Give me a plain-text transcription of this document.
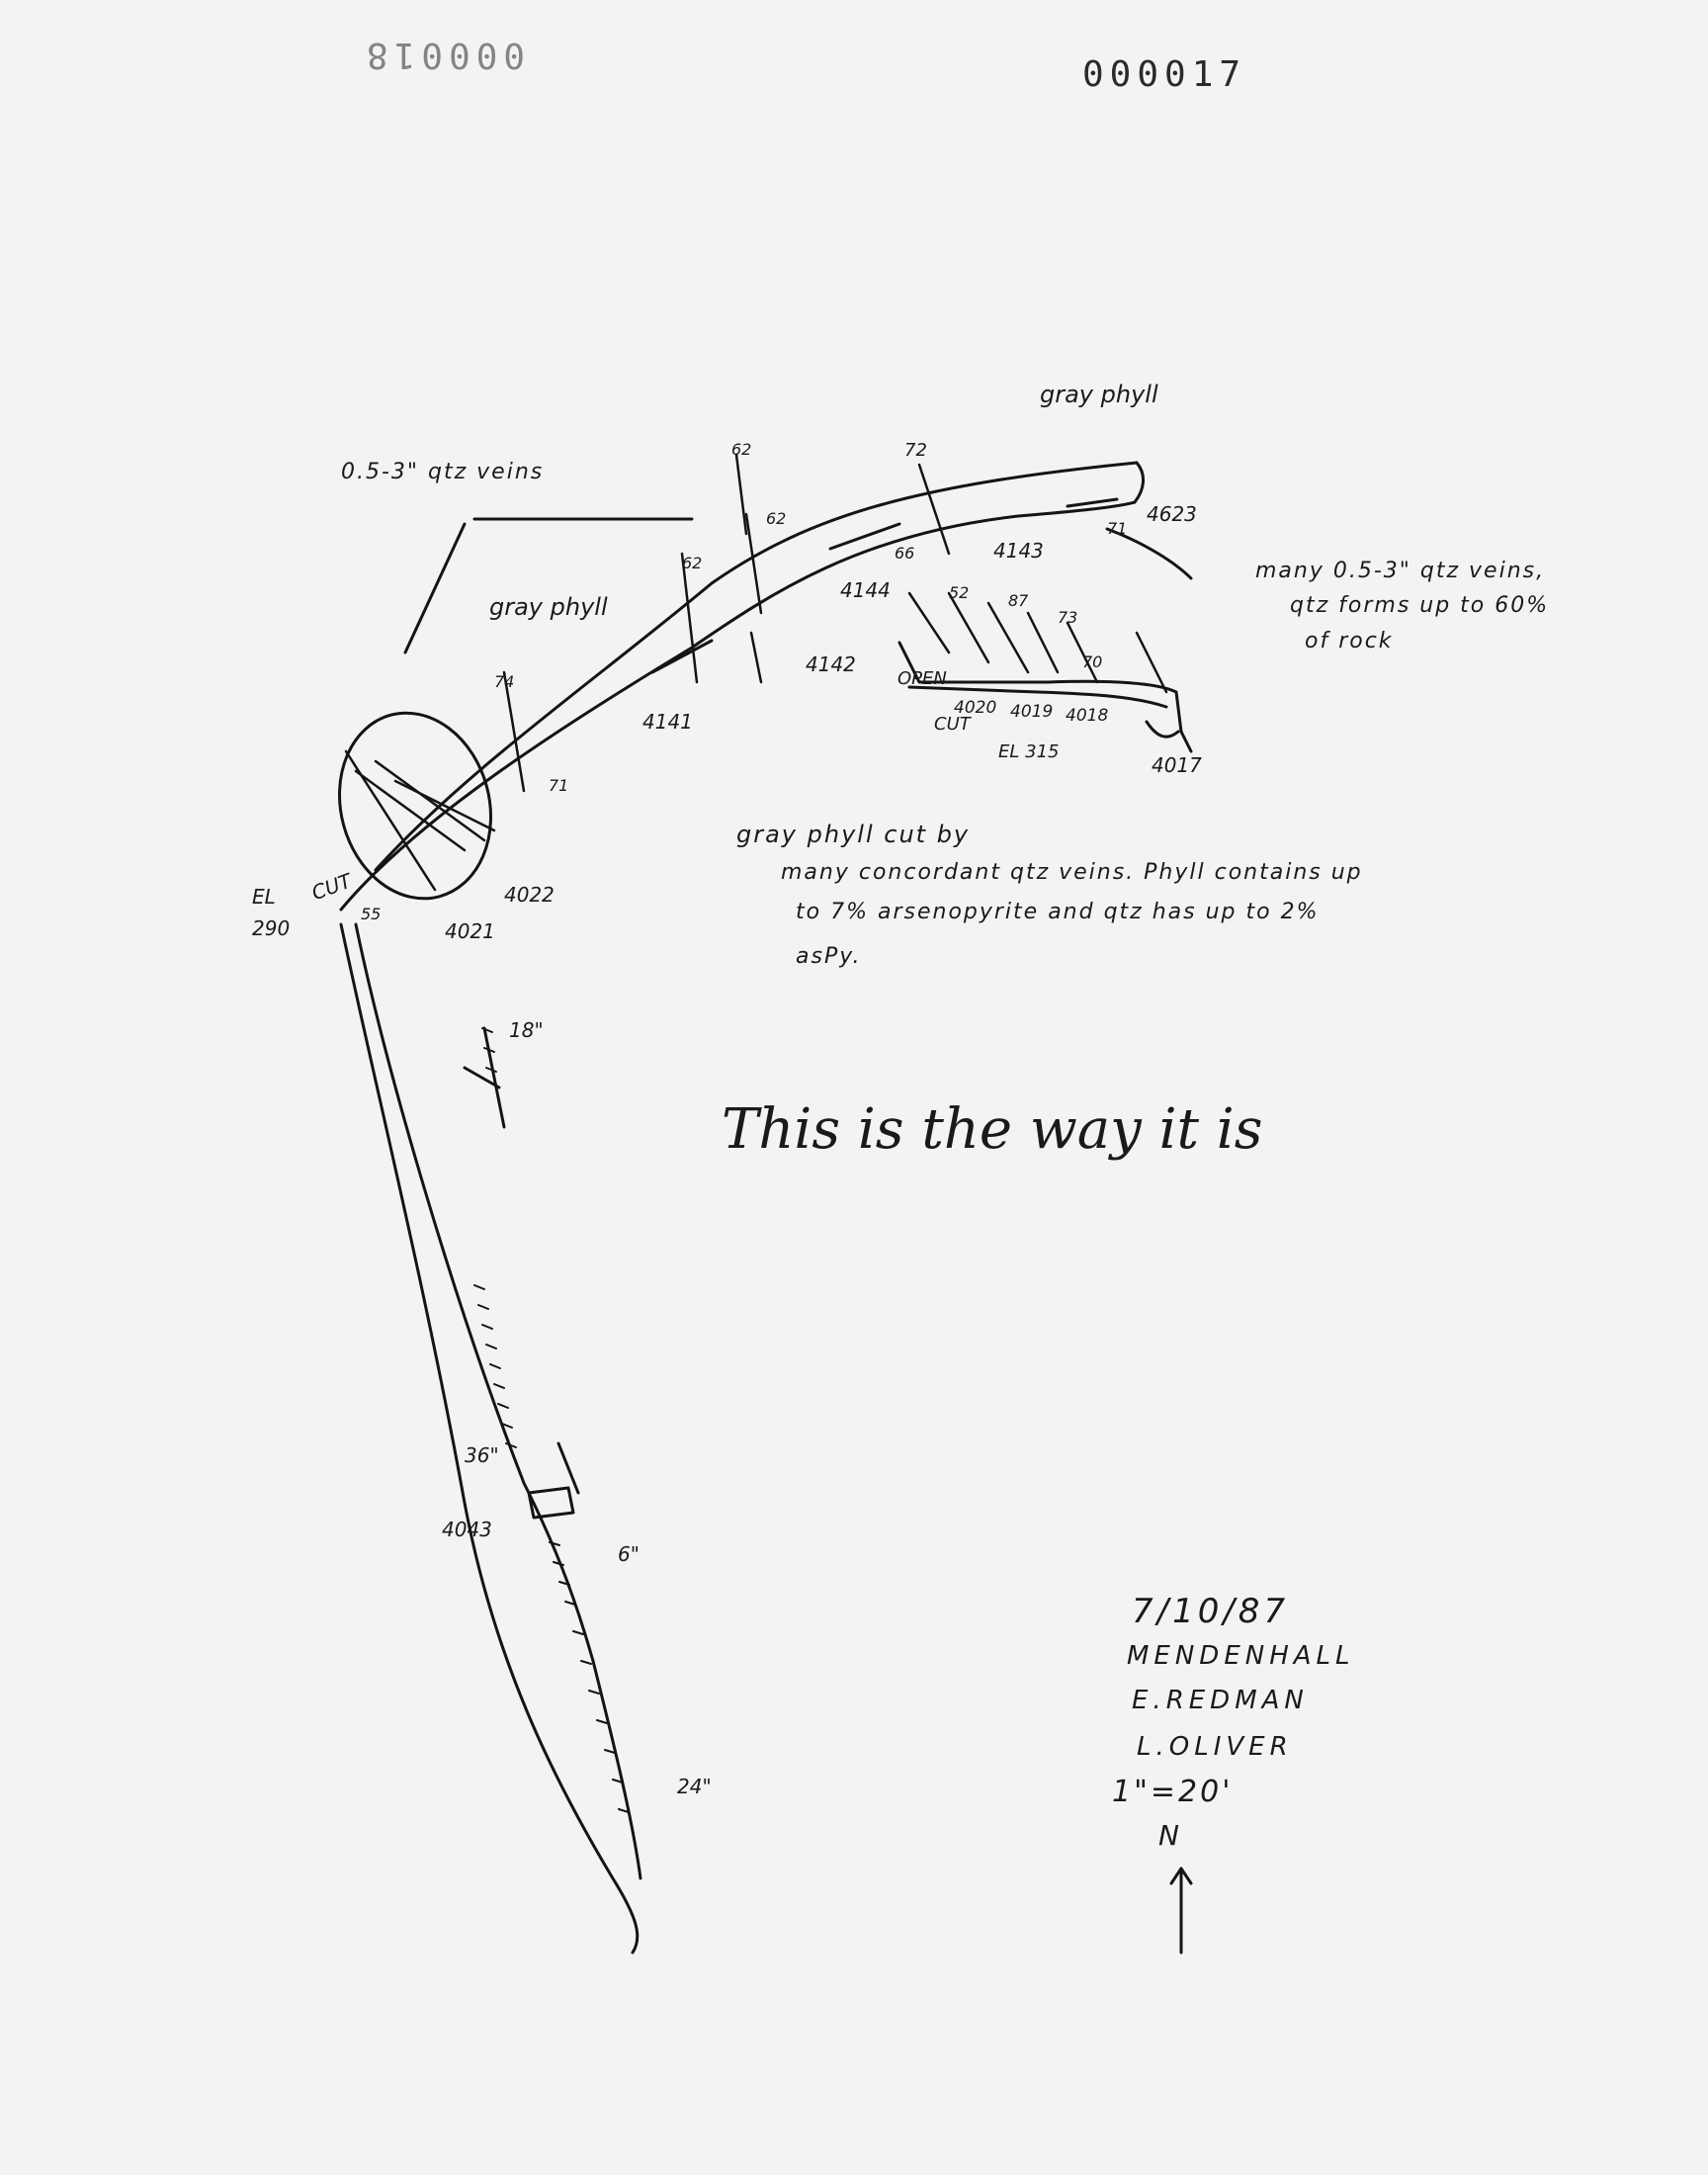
000018	000017
gray phyll
0.5-3" qtz veins
gray phyll
many 0.5-3" qtz veins,
qtz forms up to 60%
of rock
4623
4143
4144
4142
4141
4020 4019 4018
4017
4022
4021
4043
OPEN
CUT
EL 315
EL
290
CUT
72
71
66
62
62
62
74
71
55
52 87
73
70
18"
36"
6"
24"
gray phyll cut by
many concordant qtz veins. Phyll contains up
to 7% arsenopyrite and qtz has up to 2%
asPy.
This is the way it is
7/10/87
MENDENHALL
E.REDMAN
L.OLIVER
1"=20'
N
